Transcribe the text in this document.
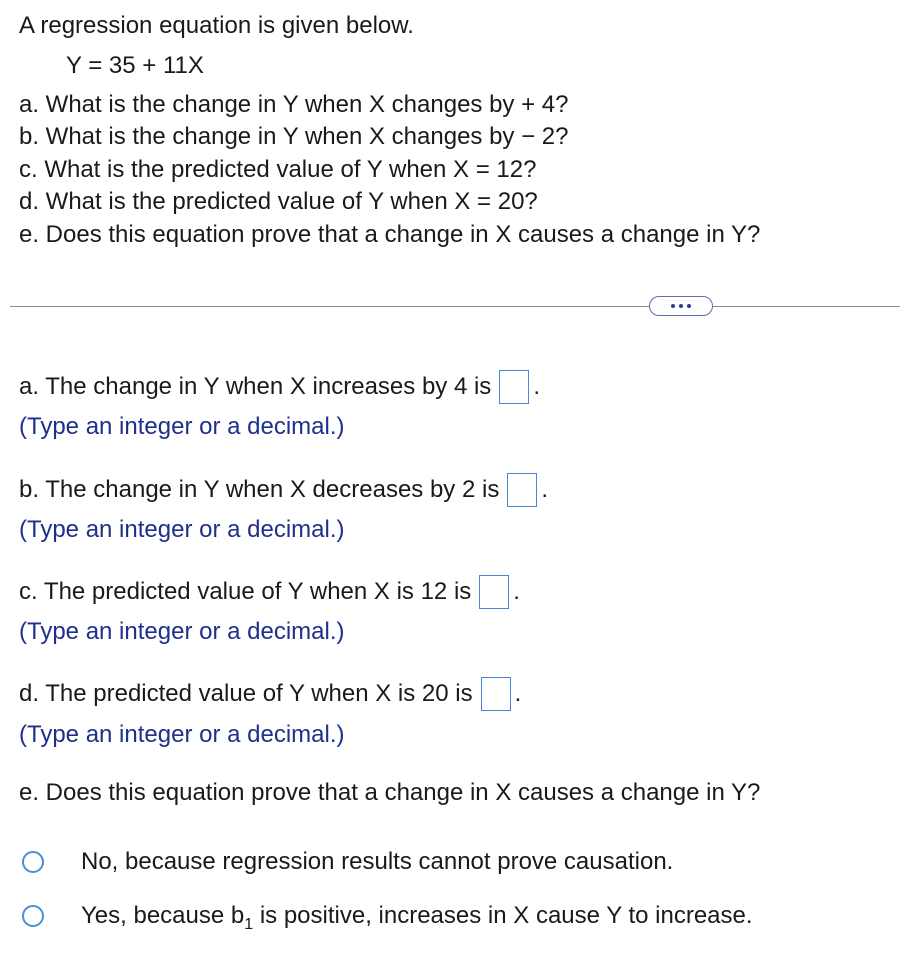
A regression equation is given below.
Y = 35 + 11X
a. What is the change in Y when X changes by + 4?
b. What is the change in Y when X changes by − 2?
c. What is the predicted value of Y when X = 12?
d. What is the predicted value of Y when X = 20?
e. Does this equation prove that a change in X causes a change in Y?
a. The change in Y when X increases by 4 is .
(Type an integer or a decimal.)
b. The change in Y when X decreases by 2 is .
(Type an integer or a decimal.)
c. The predicted value of Y when X is 12 is .
(Type an integer or a decimal.)
d. The predicted value of Y when X is 20 is .
(Type an integer or a decimal.)
e. Does this equation prove that a change in X causes a change in Y?
No, because regression results cannot prove causation.
Yes, because $b_1$ is positive, increases in X cause Y to increase.
